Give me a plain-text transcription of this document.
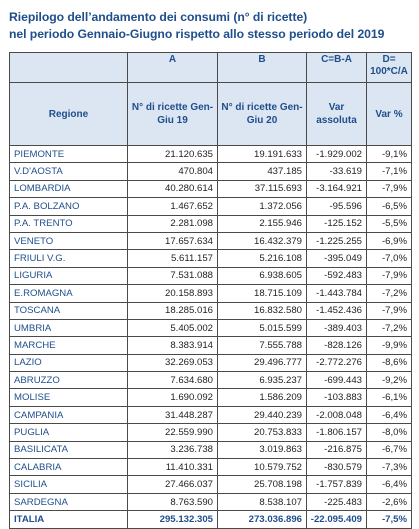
Riepilogo dell’andamento dei consumi (n° di ricette)
nel periodo Gennaio-Giugno rispetto allo stesso periodo del 2019
	A	B	C=B-A	D= 100*C/A
Regione	N° di ricette Gen-Giu 19	N° di ricette Gen- Giu 20	Var assoluta	Var %
PIEMONTE	21.120.635	19.191.633	-1.929.002	-9,1%
V.D'AOSTA	470.804	437.185	-33.619	-7,1%
LOMBARDIA	40.280.614	37.115.693	-3.164.921	-7,9%
P.A. BOLZANO	1.467.652	1.372.056	-95.596	-6,5%
P.A. TRENTO	2.281.098	2.155.946	-125.152	-5,5%
VENETO	17.657.634	16.432.379	-1.225.255	-6,9%
FRIULI V.G.	5.611.157	5.216.108	-395.049	-7,0%
LIGURIA	7.531.088	6.938.605	-592.483	-7,9%
E.ROMAGNA	20.158.893	18.715.109	-1.443.784	-7,2%
TOSCANA	18.285.016	16.832.580	-1.452.436	-7,9%
UMBRIA	5.405.002	5.015.599	-389.403	-7,2%
MARCHE	8.383.914	7.555.788	-828.126	-9,9%
LAZIO	32.269.053	29.496.777	-2.772.276	-8,6%
ABRUZZO	7.634.680	6.935.237	-699.443	-9,2%
MOLISE	1.690.092	1.586.209	-103.883	-6,1%
CAMPANIA	31.448.287	29.440.239	-2.008.048	-6,4%
PUGLIA	22.559.990	20.753.833	-1.806.157	-8,0%
BASILICATA	3.236.738	3.019.863	-216.875	-6,7%
CALABRIA	11.410.331	10.579.752	-830.579	-7,3%
SICILIA	27.466.037	25.708.198	-1.757.839	-6,4%
SARDEGNA	8.763.590	8.538.107	-225.483	-2,6%
ITALIA	295.132.305	273.036.896	-22.095.409	-7,5%
